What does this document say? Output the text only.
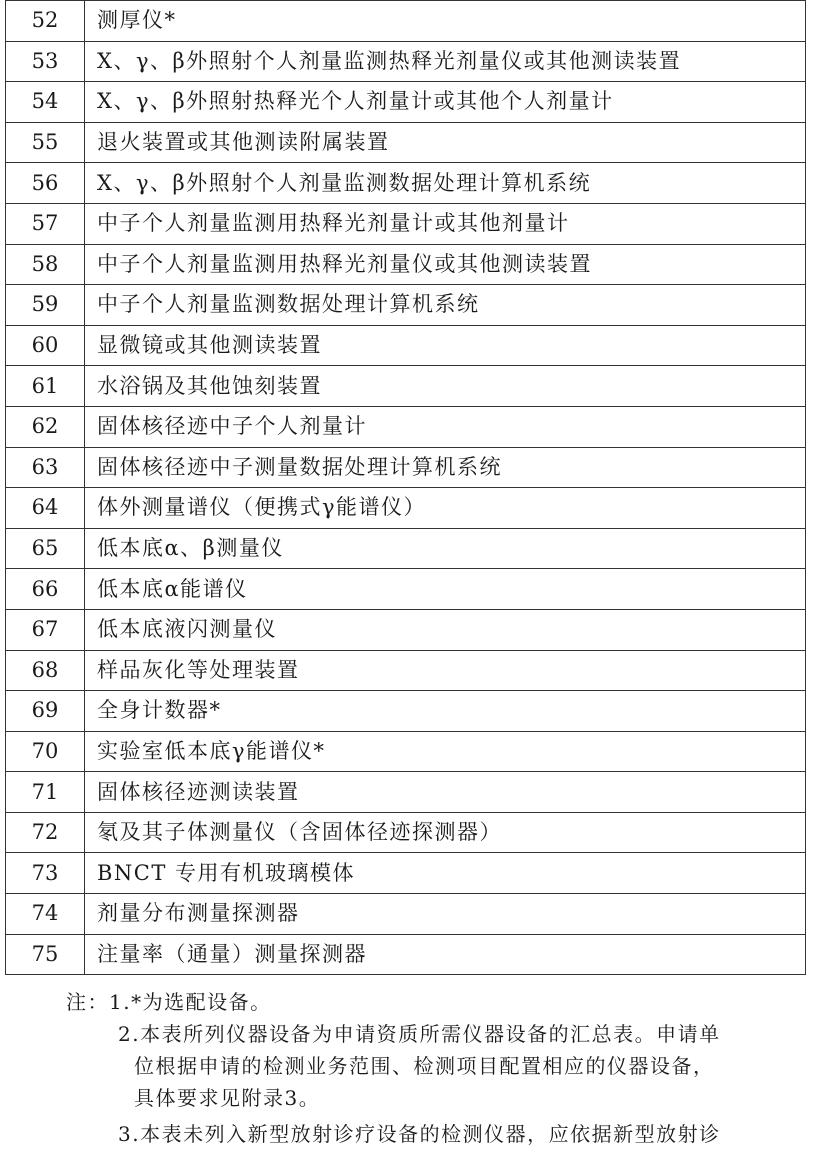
52	测厚仪*
53	X、γ、β外照射个人剂量监测热释光剂量仪或其他测读装置
54	X、γ、β外照射热释光个人剂量计或其他个人剂量计
55	退火装置或其他测读附属装置
56	X、γ、β外照射个人剂量监测数据处理计算机系统
57	中子个人剂量监测用热释光剂量计或其他剂量计
58	中子个人剂量监测用热释光剂量仪或其他测读装置
59	中子个人剂量监测数据处理计算机系统
60	显微镜或其他测读装置
61	水浴锅及其他蚀刻装置
62	固体核径迹中子个人剂量计
63	固体核径迹中子测量数据处理计算机系统
64	体外测量谱仪（便携式γ能谱仪）
65	低本底α、β测量仪
66	低本底α能谱仪
67	低本底液闪测量仪
68	样品灰化等处理装置
69	全身计数器*
70	实验室低本底γ能谱仪*
71	固体核径迹测读装置
72	氡及其子体测量仪（含固体径迹探测器）
73	BNCT 专用有机玻璃模体
74	剂量分布测量探测器
75	注量率（通量）测量探测器
注：1.*为选配设备。
2.本表所列仪器设备为申请资质所需仪器设备的汇总表。申请单
位根据申请的检测业务范围、检测项目配置相应的仪器设备，
具体要求见附录3。
3.本表未列入新型放射诊疗设备的检测仪器，应依据新型放射诊
